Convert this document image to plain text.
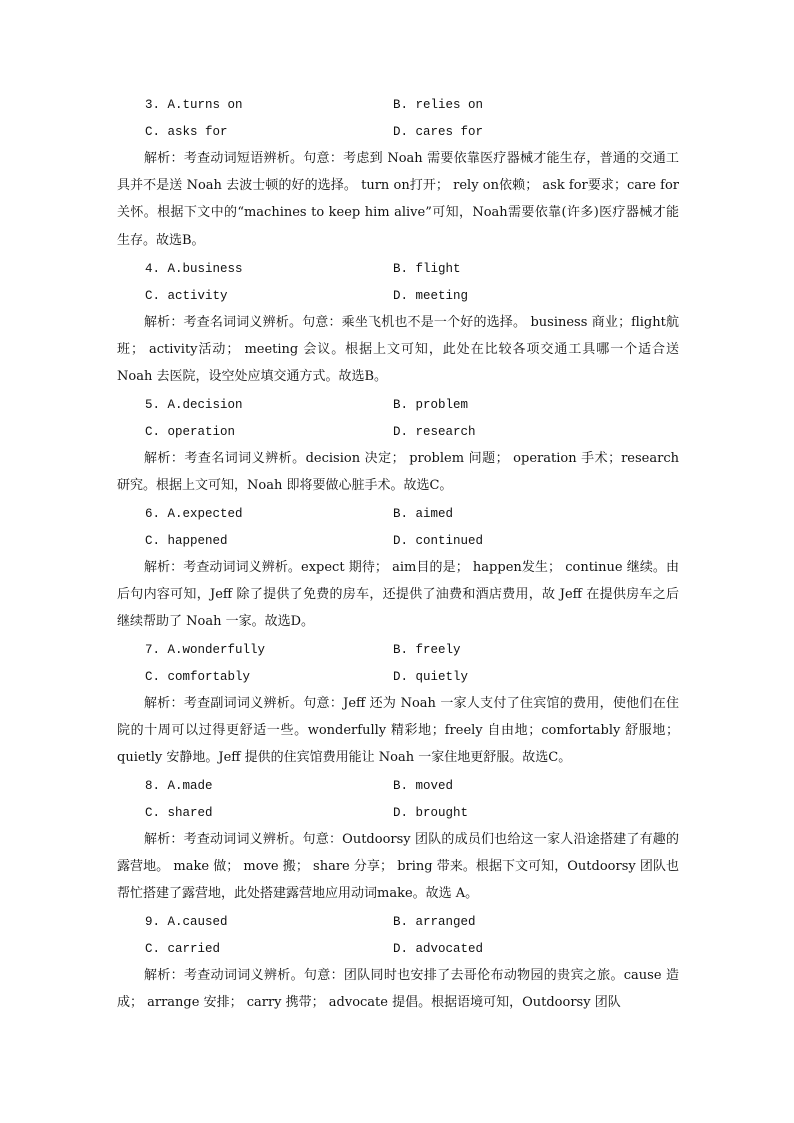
3. A.turns on	B. relies on
C. asks for	D. cares for
解析：考查动词短语辨析。句意：考虑到 Noah 需要依靠医疗器械才能生存，普通的交通工具并不是送 Noah 去波士顿的好的选择。 turn on打开； rely on依赖； ask for要求；care for 关怀。根据下文中的“machines to keep him alive”可知，Noah需要依靠(许多)医疗器械才能生存。故选B。
4. A.business	B. flight
C. activity	D. meeting
解析：考查名词词义辨析。句意：乘坐飞机也不是一个好的选择。 business 商业；flight航班； activity活动； meeting 会议。根据上文可知，此处在比较各项交通工具哪一个适合送 Noah 去医院，设空处应填交通方式。故选B。
5. A.decision	B. problem
C. operation	D. research
解析：考查名词词义辨析。decision 决定； problem 问题； operation 手术；research研究。根据上文可知，Noah 即将要做心脏手术。故选C。
6. A.expected	B. aimed
C. happened	D. continued
解析：考查动词词义辨析。expect 期待； aim目的是； happen发生； continue 继续。由后句内容可知，Jeff 除了提供了免费的房车，还提供了油费和酒店费用，故 Jeff 在提供房车之后继续帮助了 Noah 一家。故选D。
7. A.wonderfully	B. freely
C. comfortably	D. quietly
解析：考查副词词义辨析。句意：Jeff 还为 Noah 一家人支付了住宾馆的费用，使他们在住院的十周可以过得更舒适一些。wonderfully 精彩地；freely 自由地；comfortably 舒服地； quietly 安静地。Jeff 提供的住宾馆费用能让 Noah 一家住地更舒服。故选C。
8. A.made	B. moved
C. shared	D. brought
解析：考查动词词义辨析。句意：Outdoorsy 团队的成员们也给这一家人沿途搭建了有趣的露营地。 make 做； move 搬； share 分享； bring 带来。根据下文可知，Outdoorsy 团队也帮忙搭建了露营地，此处搭建露营地应用动词make。故选 A。
9. A.caused	B. arranged
C. carried	D. advocated
解析：考查动词词义辨析。句意：团队同时也安排了去哥伦布动物园的贵宾之旅。cause 造成； arrange 安排； carry 携带； advocate 提倡。根据语境可知，Outdoorsy 团队
